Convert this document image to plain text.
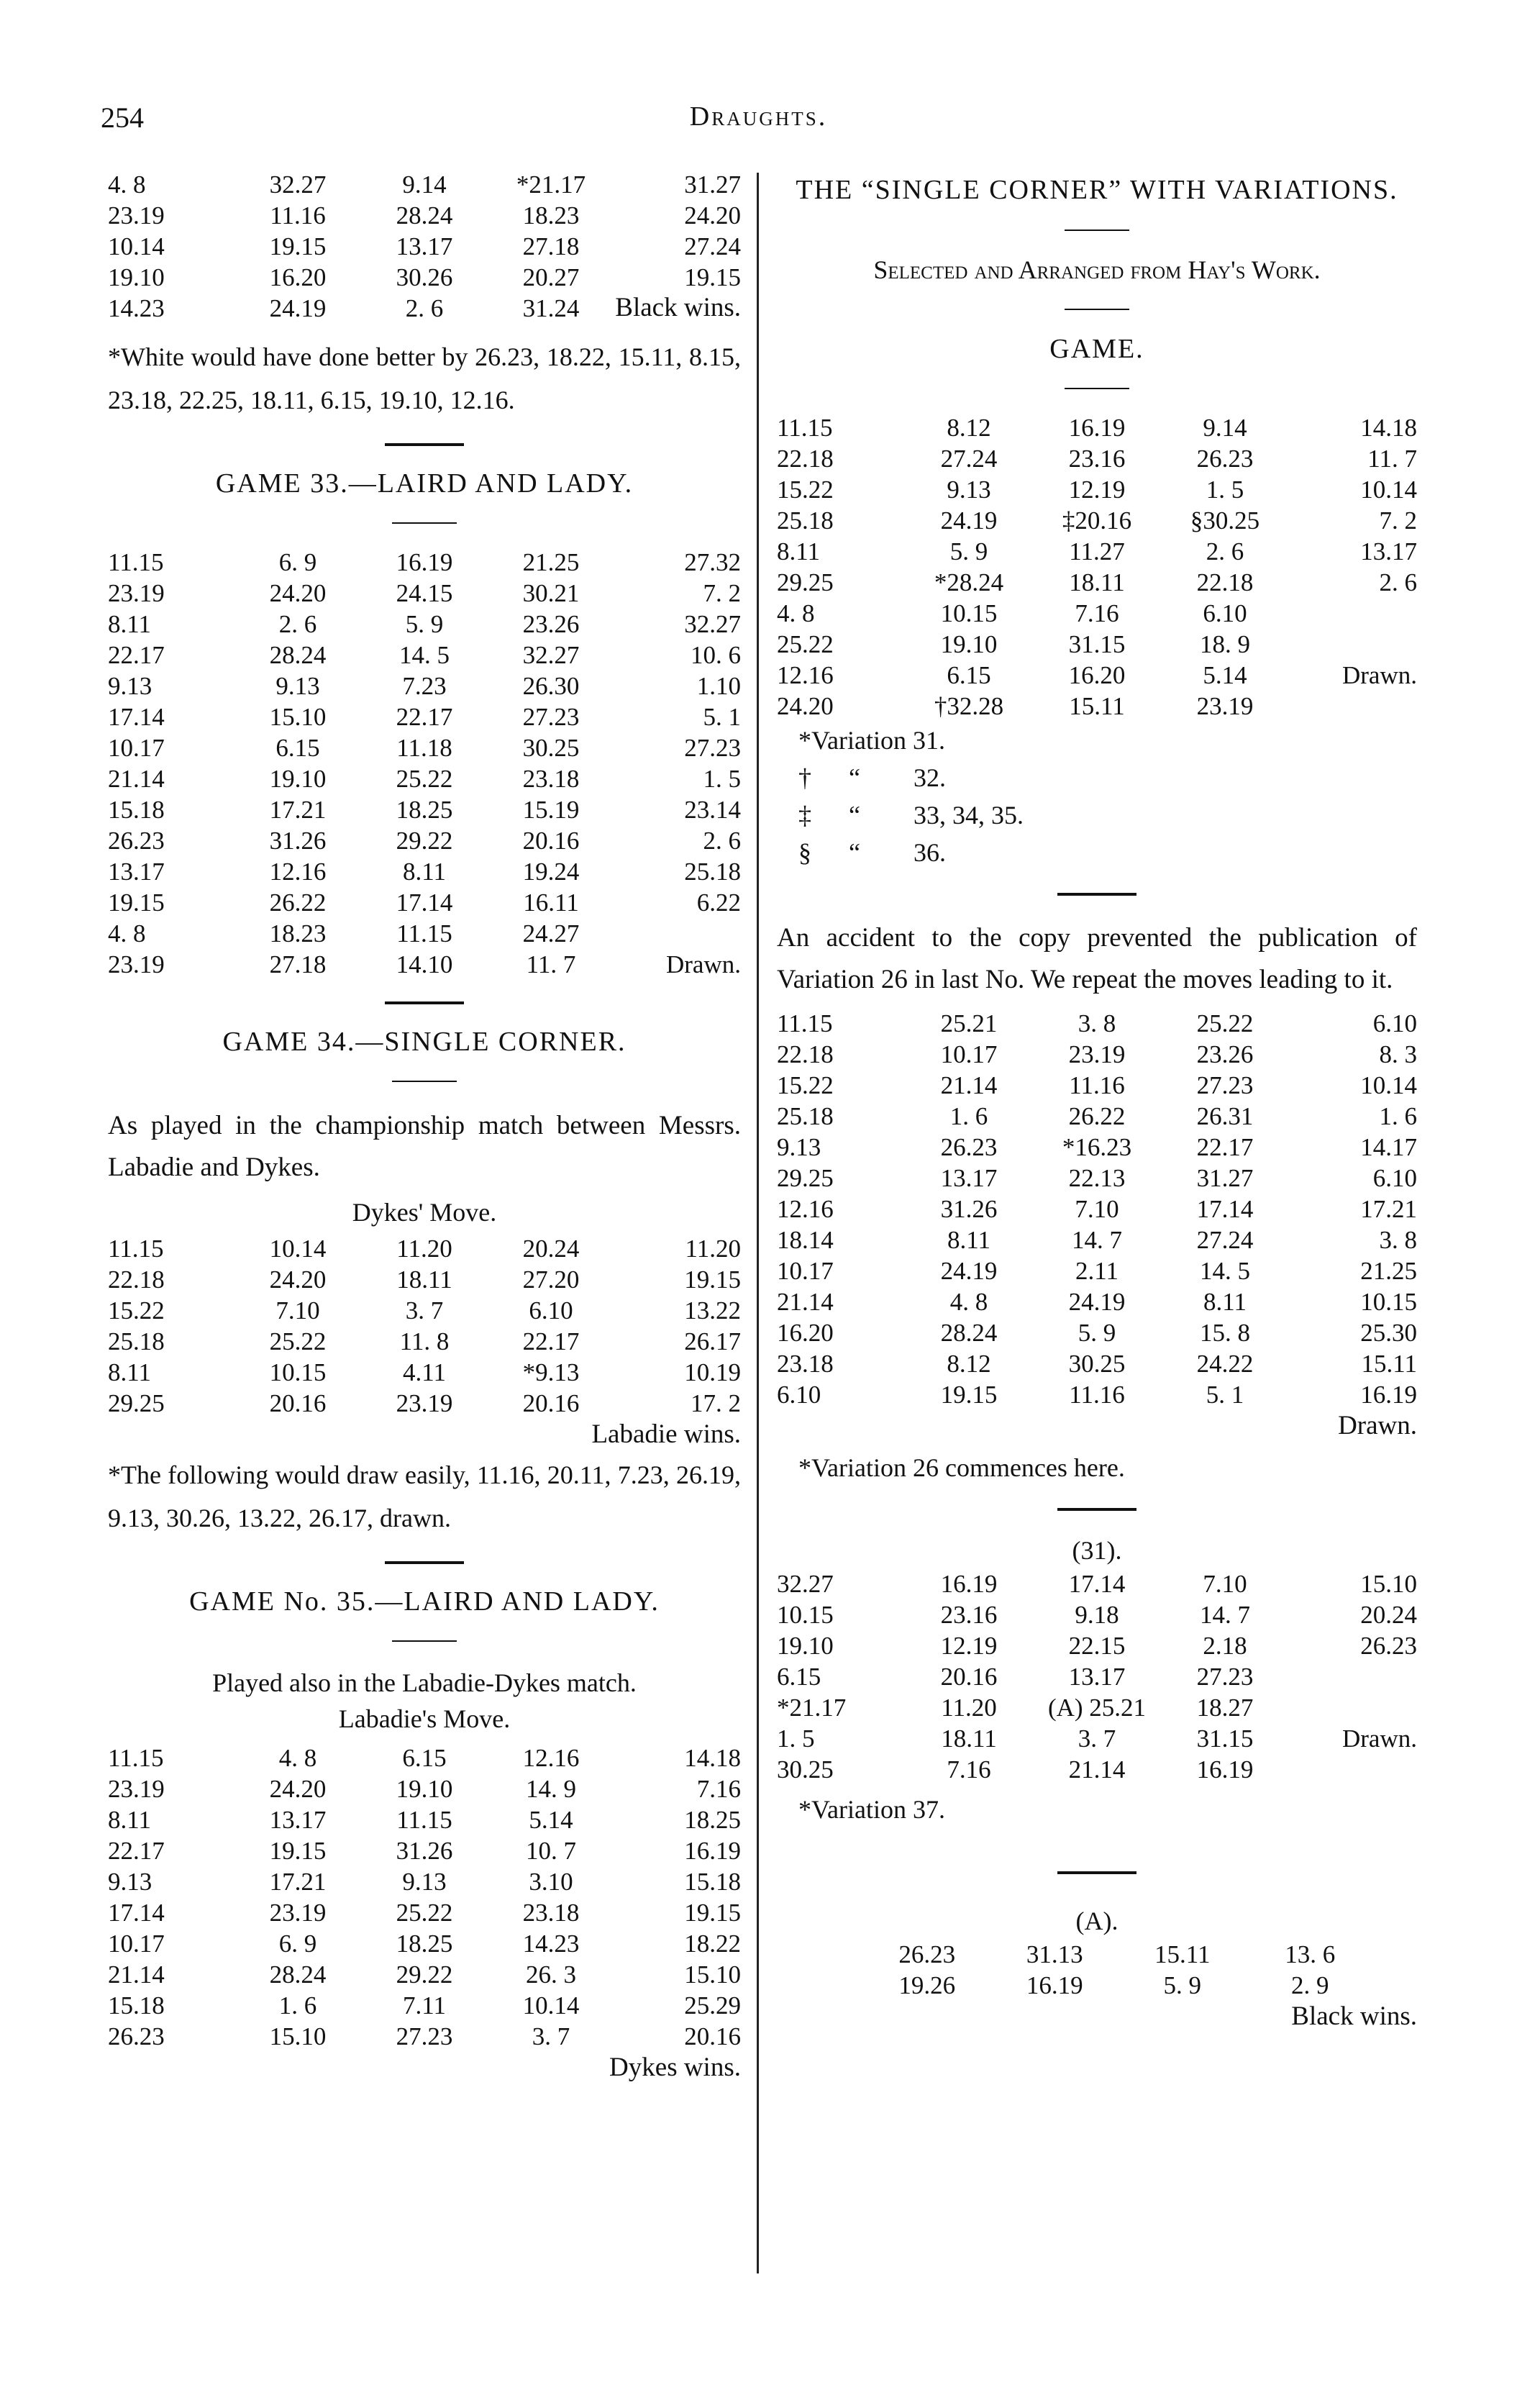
254	Draughts.
4. 8	32.27	9.14	*21.17	31.27
23.19	11.16	28.24	18.23	24.20
10.14	19.15	13.17	27.18	27.24
19.10	16.20	30.26	20.27	19.15
14.23	24.19	2. 6	31.24	Black wins.
*White would have done better by 26.23, 18.22, 15.11, 8.15, 23.18, 22.25, 18.11, 6.15, 19.10, 12.16.
GAME 33.—LAIRD AND LADY.
11.15	6. 9	16.19	21.25	27.32
23.19	24.20	24.15	30.21	7. 2
8.11	2. 6	5. 9	23.26	32.27
22.17	28.24	14. 5	32.27	10. 6
9.13	9.13	7.23	26.30	1.10
17.14	15.10	22.17	27.23	5. 1
10.17	6.15	11.18	30.25	27.23
21.14	19.10	25.22	23.18	1. 5
15.18	17.21	18.25	15.19	23.14
26.23	31.26	29.22	20.16	2. 6
13.17	12.16	8.11	19.24	25.18
19.15	26.22	17.14	16.11	6.22
4. 8	18.23	11.15	24.27
23.19	27.18	14.10	11. 7	Drawn.
GAME 34.—SINGLE CORNER.
As played in the championship match between Messrs. Labadie and Dykes.
Dykes' Move.
11.15	10.14	11.20	20.24	11.20
22.18	24.20	18.11	27.20	19.15
15.22	7.10	3. 7	6.10	13.22
25.18	25.22	11. 8	22.17	26.17
8.11	10.15	4.11	*9.13	10.19
29.25	20.16	23.19	20.16	17. 2
Labadie wins.
*The following would draw easily, 11.16, 20.11, 7.23, 26.19, 9.13, 30.26, 13.22, 26.17, drawn.
GAME No. 35.—LAIRD AND LADY.
Played also in the Labadie-Dykes match.
Labadie's Move.
11.15	4. 8	6.15	12.16	14.18
23.19	24.20	19.10	14. 9	7.16
8.11	13.17	11.15	5.14	18.25
22.17	19.15	31.26	10. 7	16.19
9.13	17.21	9.13	3.10	15.18
17.14	23.19	25.22	23.18	19.15
10.17	6. 9	18.25	14.23	18.22
21.14	28.24	29.22	26. 3	15.10
15.18	1. 6	7.11	10.14	25.29
26.23	15.10	27.23	3. 7	20.16
Dykes wins.
THE “SINGLE CORNER” WITH VARIATIONS.
Selected and Arranged from Hay's Work.
GAME.
11.15	8.12	16.19	9.14	14.18
22.18	27.24	23.16	26.23	11. 7
15.22	9.13	12.19	1. 5	10.14
25.18	24.19	‡20.16	§30.25	7. 2
8.11	5. 9	11.27	2. 6	13.17
29.25	*28.24	18.11	22.18	2. 6
4. 8	10.15	7.16	6.10
25.22	19.10	31.15	18. 9
12.16	6.15	16.20	5.14	Drawn.
24.20	†32.28	15.11	23.19
*Variation 31.
†	“	32.
‡	“	33, 34, 35.
§	“	36.
An accident to the copy prevented the publication of Variation 26 in last No. We repeat the moves leading to it.
11.15	25.21	3. 8	25.22	6.10
22.18	10.17	23.19	23.26	8. 3
15.22	21.14	11.16	27.23	10.14
25.18	1. 6	26.22	26.31	1. 6
9.13	26.23	*16.23	22.17	14.17
29.25	13.17	22.13	31.27	6.10
12.16	31.26	7.10	17.14	17.21
18.14	8.11	14. 7	27.24	3. 8
10.17	24.19	2.11	14. 5	21.25
21.14	4. 8	24.19	8.11	10.15
16.20	28.24	5. 9	15. 8	25.30
23.18	8.12	30.25	24.22	15.11
6.10	19.15	11.16	5. 1	16.19
Drawn.
*Variation 26 commences here.
(31).
32.27	16.19	17.14	7.10	15.10
10.15	23.16	9.18	14. 7	20.24
19.10	12.19	22.15	2.18	26.23
6.15	20.16	13.17	27.23
*21.17	11.20	(A) 25.21	18.27
1. 5	18.11	3. 7	31.15	Drawn.
30.25	7.16	21.14	16.19
*Variation 37.
(A).
26.23	31.13	15.11	13. 6
19.26	16.19	5. 9	2. 9
Black wins.
